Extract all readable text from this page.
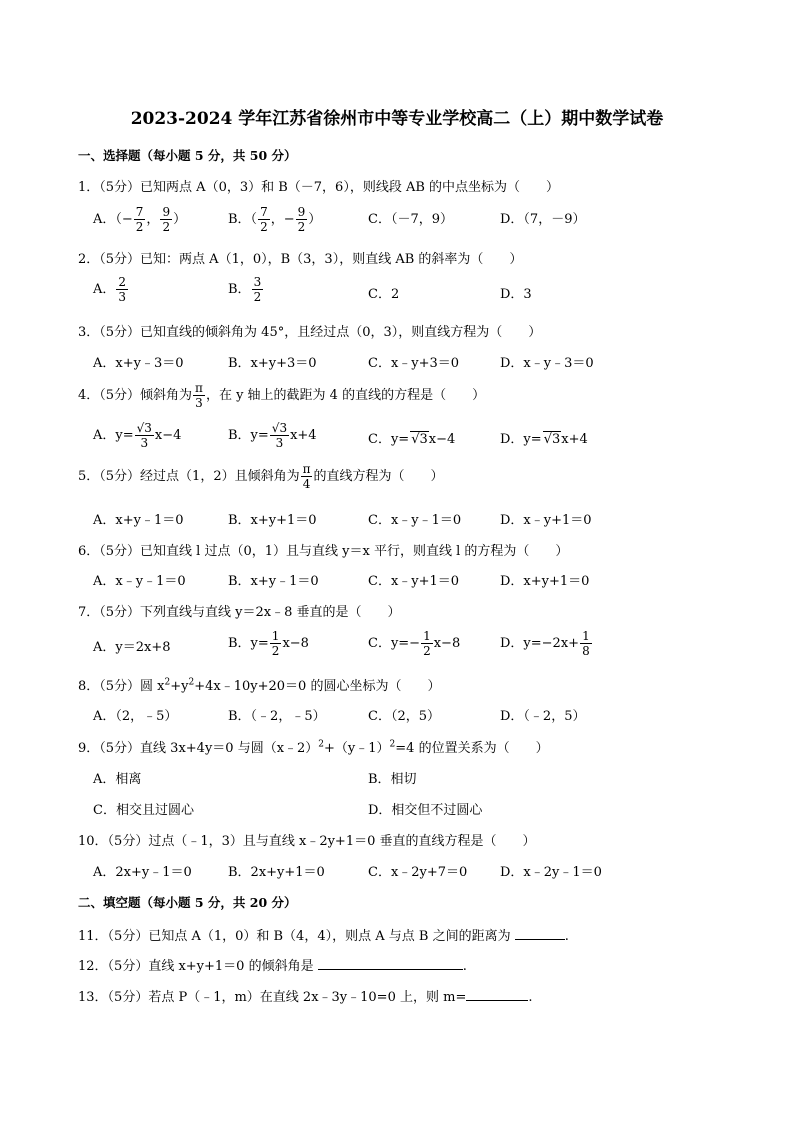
2023-2024 学年江苏省徐州市中等专业学校高二（上）期中数学试卷
一、选择题（每小题 5 分，共 50 分）
1．（5分）已知两点 A（0，3）和 B（－7，6），则线段 AB 的中点坐标为（　　）
A．（− $\frac{7}{2}$ ， $\frac{9}{2}$ ）	B．（ $\frac{7}{2}$ ，− $\frac{9}{2}$ ）	C．（－7，9）	D．（7，－9）
2．（5分）已知：两点 A（1，0），B（3，3），则直线 AB 的斜率为（　　）
A． $\frac{2}{3}$	B． $\frac{3}{2}$	C．2	D．3
3．（5分）已知直线的倾斜角为 45°，且经过点（0，3），则直线方程为（　　）
A．x+y﹣3＝0	B．x+y+3＝0	C．x﹣y+3＝0	D．x﹣y﹣3＝0
4．（5分）倾斜角为 $\frac{\pi}{3}$ ，在 y 轴上的截距为 4 的直线的方程是（　　）
A．$y= \frac{√3}{3} x-4$	B．$y= \frac{√3}{3} x+4$	C．y= √3x−4	D．y= √3x+4
5．（5分）经过点（1，2）且倾斜角为 $\frac{\pi}{4}$ 的直线方程为（　　）
A．x+y﹣1＝0	B．x+y+1＝0	C．x﹣y﹣1＝0	D．x﹣y+1＝0
6．（5分）已知直线 l 过点（0，1）且与直线 y＝x 平行，则直线 l 的方程为（　　）
A．x﹣y﹣1＝0	B．x+y﹣1＝0	C．x﹣y+1＝0	D．x+y+1＝0
7．（5分）下列直线与直线 y＝2x﹣8 垂直的是（　　）
A．y＝2x+8	B．$y= \frac{1}{2} x-8$	C．$y=- \frac{1}{2} x-8$	D．$y=-2x+ \frac{1}{8}$
8．（5分）圆 $x^2+y^2+4x﹣10y+20=0$ 的圆心坐标为（　　）
A．（2，﹣5）	B．（﹣2，﹣5）	C．（2，5）	D．（﹣2，5）
9．（5分）直线 3x+4y＝0 与圆（x﹣2）$^2$+（y﹣1）$^2$=4 的位置关系为（　　）
A．相离	B．相切
C．相交且过圆心	D．相交但不过圆心
10．（5分）过点（﹣1，3）且与直线 x﹣2y+1＝0 垂直的直线方程是（　　）
A．2x+y﹣1＝0	B．2x+y+1＝0	C．x﹣2y+7＝0	D．x﹣2y﹣1＝0
二、填空题（每小题 5 分，共 20 分）
11．（5分）已知点 A（1，0）和 B（4，4），则点 A 与点 B 之间的距离为	.
12．（5分）直线 x+y+1＝0 的倾斜角是	.
13．（5分）若点 P（﹣1，m）在直线 2x﹣3y﹣10=0 上，则 m=	.
